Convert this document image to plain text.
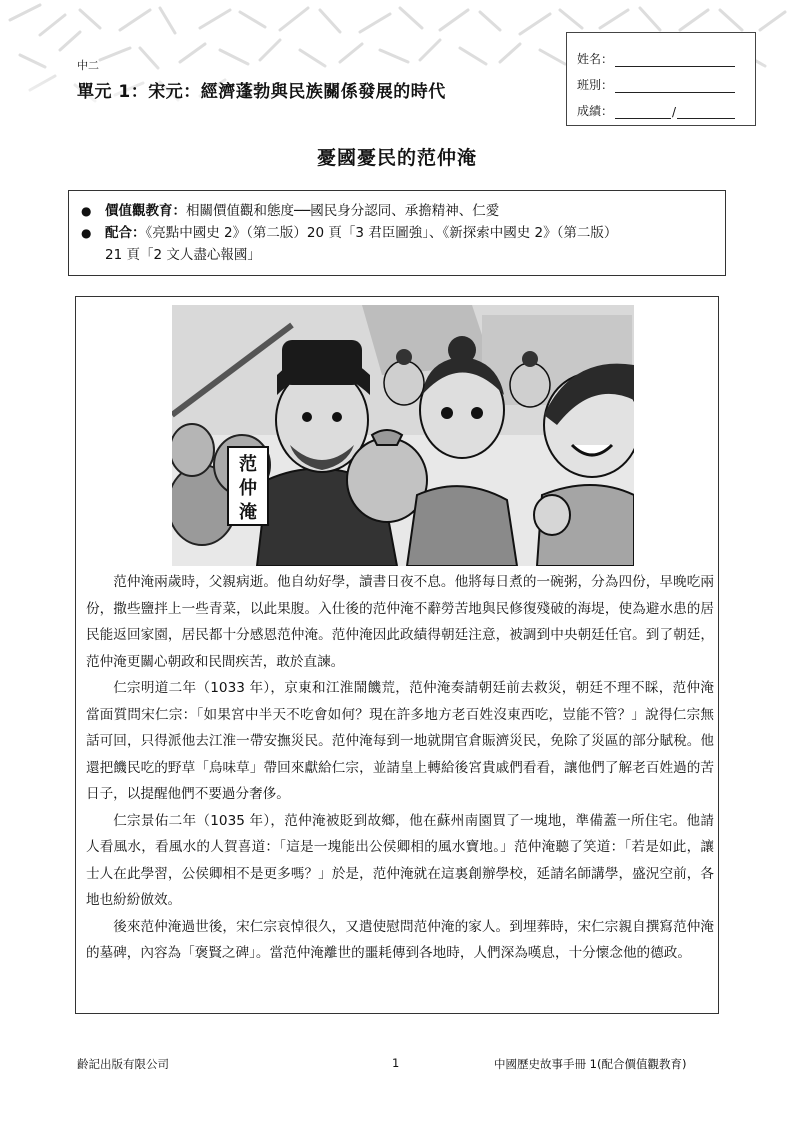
中二
單元 1：宋元：經濟蓬勃與民族關係發展的時代
姓名：
班別：
成績：	/
憂國憂民的范仲淹
●	價值觀教育：相關價值觀和態度──國民身分認同、承擔精神、仁愛
●	配合：《亮點中國史 2》（第二版）20 頁「3 君臣圖強」、《新探索中國史 2》（第二版）
21 頁「2 文人盡心報國」
范仲淹

范仲淹兩歲時，父親病逝。他自幼好學，讀書日夜不息。他將每日煮的一碗粥，分為四份，早晚吃兩份，撒些鹽拌上一些青菜，以此果腹。入仕後的范仲淹不辭勞苦地與民修復殘破的海堤，使為避水患的居民能返回家園，居民都十分感恩范仲淹。范仲淹因此政績得朝廷注意，被調到中央朝廷任官。到了朝廷，范仲淹更關心朝政和民間疾苦，敢於直諫。

仁宗明道二年（1033 年），京東和江淮鬧饑荒，范仲淹奏請朝廷前去救災，朝廷不理不睬，范仲淹當面質問宋仁宗：「如果宮中半天不吃會如何？現在許多地方老百姓沒東西吃，豈能不管？」說得仁宗無話可回，只得派他去江淮一帶安撫災民。范仲淹每到一地就開官倉賑濟災民，免除了災區的部分賦稅。他還把饑民吃的野草「烏味草」帶回來獻給仁宗，並請皇上轉給後宮貴戚們看看，讓他們了解老百姓過的苦日子，以提醒他們不要過分奢侈。

仁宗景佑二年（1035 年），范仲淹被貶到故鄉，他在蘇州南園買了一塊地，準備蓋一所住宅。他請人看風水，看風水的人賀喜道：「這是一塊能出公侯卿相的風水寶地。」范仲淹聽了笑道：「若是如此，讓士人在此學習，公侯卿相不是更多嗎？」於是，范仲淹就在這裏創辦學校，延請名師講學，盛況空前，各地也紛紛倣效。

後來范仲淹過世後，宋仁宗哀悼很久，又遣使慰問范仲淹的家人。到埋葬時，宋仁宗親自撰寫范仲淹的墓碑，內容為「褒賢之碑」。當范仲淹離世的噩耗傳到各地時，人們深為嘆息，十分懷念他的德政。

齡記出版有限公司	1	中國歷史故事手冊 1(配合價值觀教育)
